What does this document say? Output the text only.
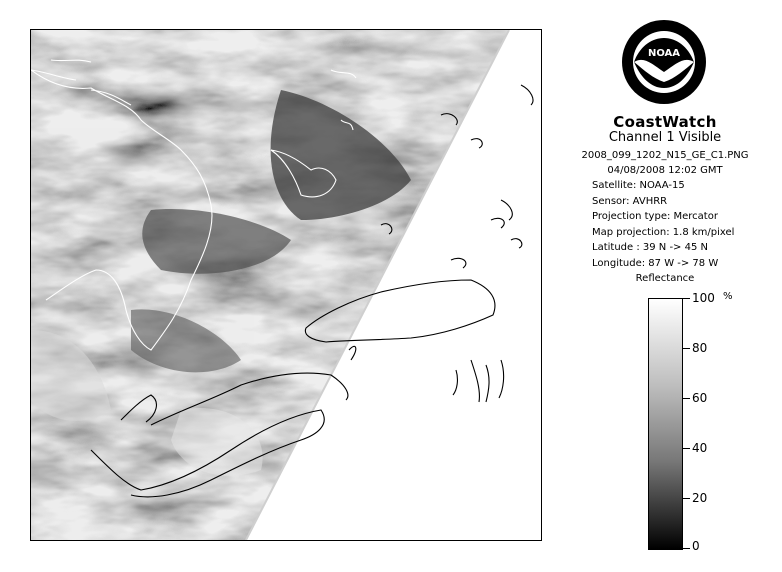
NOAA
CoastWatch
Channel 1 Visible
2008_099_1202_N15_GE_C1.PNG
04/08/2008 12:02 GMT
Satellite: NOAA-15
Sensor: AVHRR
Projection type: Mercator
Map projection: 1.8 km/pixel
Latitude : 39 N -> 45 N
Longitude: 87 W -> 78 W
Reflectance
%
100
80
60
40
20
0
